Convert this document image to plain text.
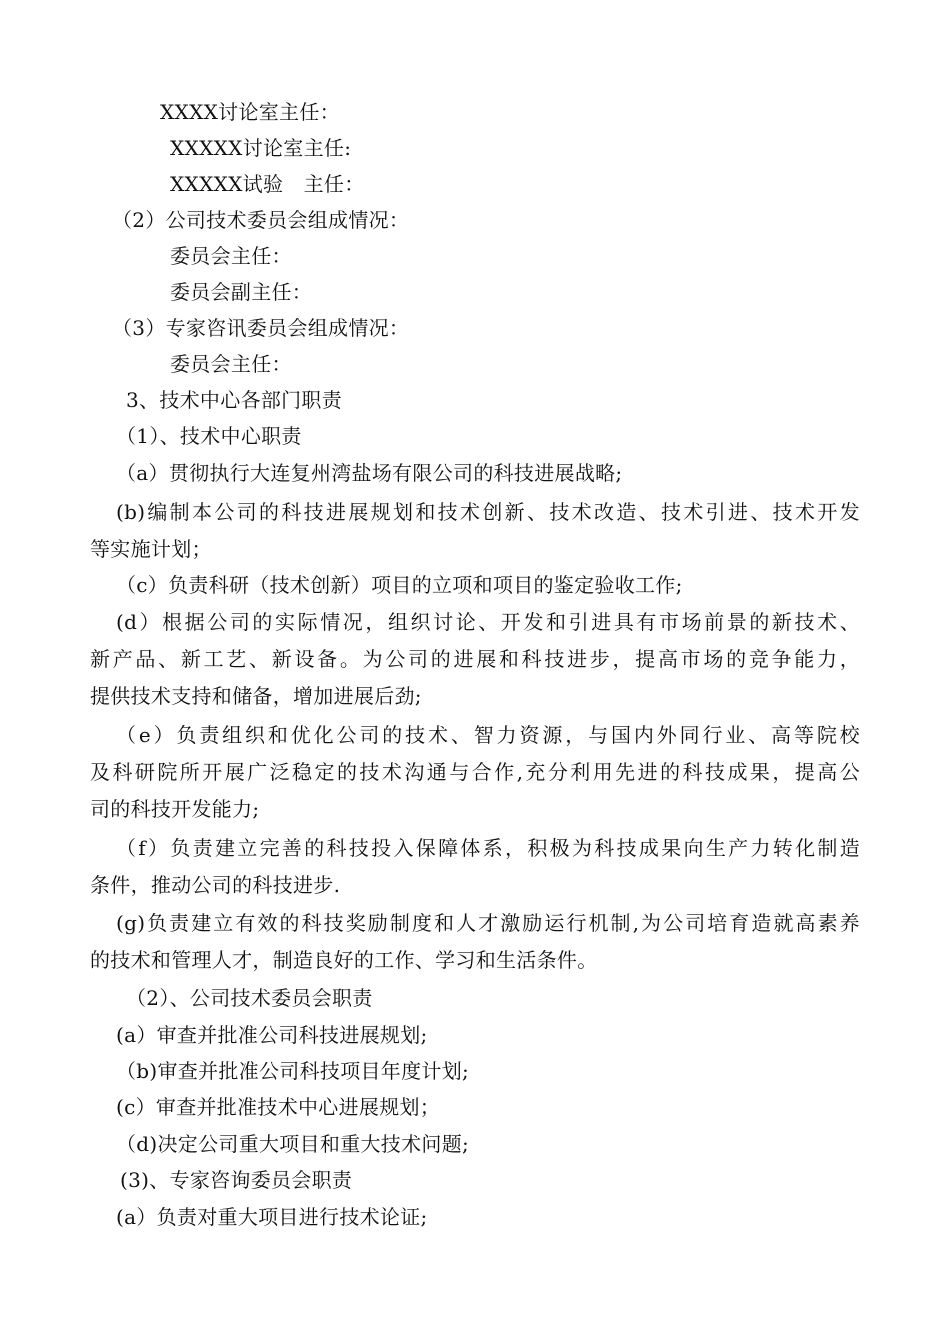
XXXX讨论室主任：
XXXXX讨论室主任:
XXXXX试验　主任：
（2）公司技术委员会组成情况：
委员会主任：
委员会副主任：
（3）专家咨讯委员会组成情况：
委员会主任：
3、技术中心各部门职责
（1）、技术中心职责
（a）贯彻执行大连复州湾盐场有限公司的科技进展战略;
(b)编制本公司的科技进展规划和技术创新、技术改造、技术引进、技术开发
等实施计划；
（c）负责科研（技术创新）项目的立项和项目的鉴定验收工作;
(d）根据公司的实际情况，组织讨论、开发和引进具有市场前景的新技术、
新产品、新工艺、新设备。为公司的进展和科技进步，提高市场的竞争能力，
提供技术支持和储备，增加进展后劲;
（e）负责组织和优化公司的技术、智力资源，与国内外同行业、高等院校
及科研院所开展广泛稳定的技术沟通与合作,充分利用先进的科技成果，提高公
司的科技开发能力;
（f）负责建立完善的科技投入保障体系，积极为科技成果向生产力转化制造
条件，推动公司的科技进步.
(g)负责建立有效的科技奖励制度和人才激励运行机制,为公司培育造就高素养
的技术和管理人才，制造良好的工作、学习和生活条件。
（2）、公司技术委员会职责
(a）审查并批准公司科技进展规划;
（b)审查并批准公司科技项目年度计划;
(c）审查并批准技术中心进展规划；
（d)决定公司重大项目和重大技术问题;
(3)、专家咨询委员会职责
(a）负责对重大项目进行技术论证;
